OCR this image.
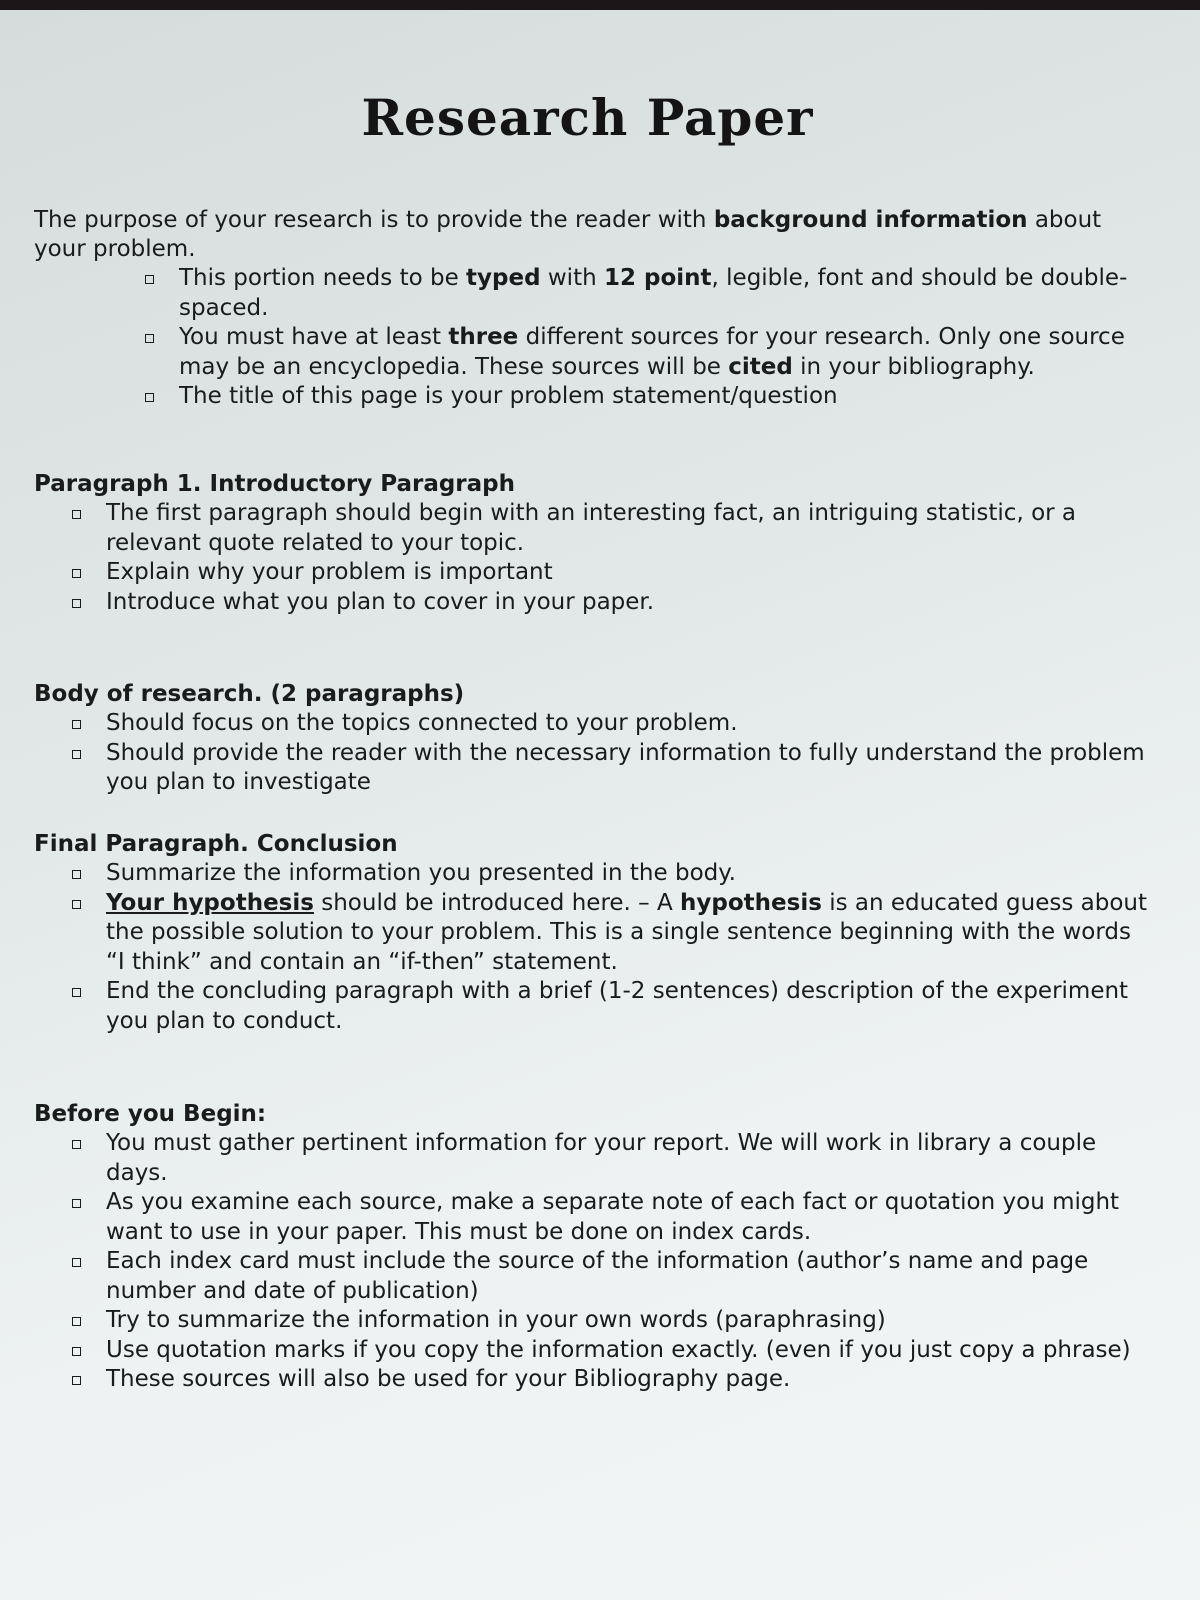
Research Paper
The purpose of your research is to provide the reader with background information about your problem.
This portion needs to be typed with 12 point, legible, font and should be double-spaced.
You must have at least three different sources for your research. Only one source may be an encyclopedia. These sources will be cited in your bibliography.
The title of this page is your problem statement/question
Paragraph 1. Introductory Paragraph
The first paragraph should begin with an interesting fact, an intriguing statistic, or a relevant quote related to your topic.
Explain why your problem is important
Introduce what you plan to cover in your paper.
Body of research. (2 paragraphs)
Should focus on the topics connected to your problem.
Should provide the reader with the necessary information to fully understand the problem you plan to investigate
Final Paragraph. Conclusion
Summarize the information you presented in the body.
Your hypothesis should be introduced here. – A hypothesis is an educated guess about the possible solution to your problem. This is a single sentence beginning with the words “I think” and contain an “if-then” statement.
End the concluding paragraph with a brief (1-2 sentences) description of the experiment you plan to conduct.
Before you Begin:
You must gather pertinent information for your report. We will work in library a couple days.
As you examine each source, make a separate note of each fact or quotation you might want to use in your paper. This must be done on index cards.
Each index card must include the source of the information (author’s name and page number and date of publication)
Try to summarize the information in your own words (paraphrasing)
Use quotation marks if you copy the information exactly. (even if you just copy a phrase)
These sources will also be used for your Bibliography page.
